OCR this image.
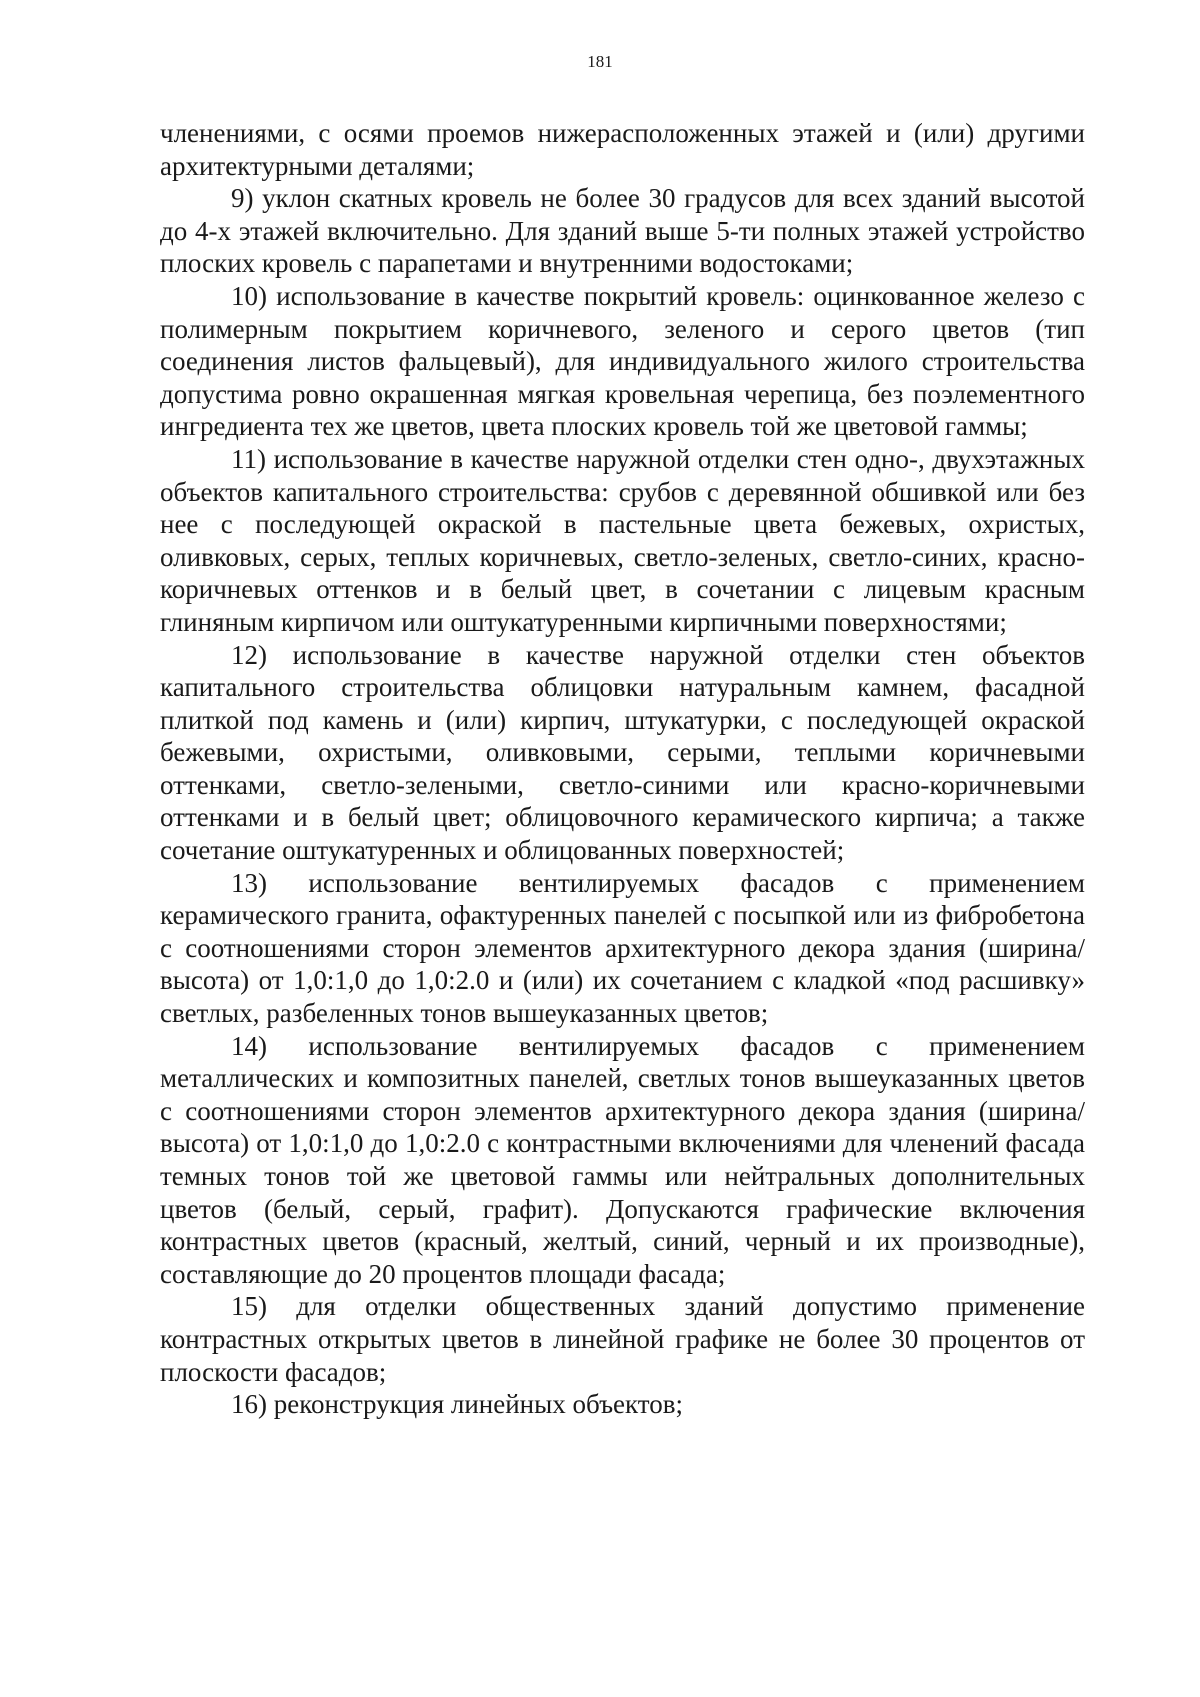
181

членениями, с осями проемов нижерасположенных этажей и (или) другими архитектурными деталями;

9) уклон скатных кровель не более 30 градусов для всех зданий высотой до 4-х этажей включительно. Для зданий выше 5-ти полных этажей устройство плоских кровель с парапетами и внутренними водостоками;

10) использование в качестве покрытий кровель: оцинкованное железо с полимерным покрытием коричневого, зеленого и серого цветов (тип соединения листов фальцевый), для индивидуального жилого строительства допустима ровно окрашенная мягкая кровельная черепица, без поэлементного ингредиента тех же цветов, цвета плоских кровель той же цветовой гаммы;

11) использование в качестве наружной отделки стен одно-, двухэтажных объектов капитального строительства: срубов с деревянной обшивкой или без нее с последующей окраской в пастельные цвета бежевых, охристых, оливковых, серых, теплых коричневых, светло-зеленых, светло-синих, красно-коричневых оттенков и в белый цвет, в сочетании с лицевым красным глиняным кирпичом или оштукатуренными кирпичными поверхностями;

12) использование в качестве наружной отделки стен объектов капитального строительства облицовки натуральным камнем, фасадной плиткой под камень и (или) кирпич, штукатурки, с последующей окраской бежевыми, охристыми, оливковыми, серыми, теплыми коричневыми оттенками, светло-зелеными, светло-синими или красно-коричневыми оттенками и в белый цвет; облицовочного керамического кирпича; а также сочетание оштукатуренных и облицованных поверхностей;

13) использование вентилируемых фасадов с применением керамического гранита, офактуренных панелей с посыпкой или из фибробетона с соотношениями сторон элементов архитектурного декора здания (ширина/высота) от 1,0:1,0 до 1,0:2.0 и (или) их сочетанием с кладкой «под расшивку» светлых, разбеленных тонов вышеуказанных цветов;

14) использование вентилируемых фасадов с применением металлических и композитных панелей, светлых тонов вышеуказанных цветов с соотношениями сторон элементов архитектурного декора здания (ширина/высота) от 1,0:1,0 до 1,0:2.0 с контрастными включениями для членений фасада темных тонов той же цветовой гаммы или нейтральных дополнительных цветов (белый, серый, графит). Допускаются графические включения контрастных цветов (красный, желтый, синий, черный и их производные), составляющие до 20 процентов площади фасада;

15) для отделки общественных зданий допустимо применение контрастных открытых цветов в линейной графике не более 30 процентов от плоскости фасадов;

16) реконструкция линейных объектов;
